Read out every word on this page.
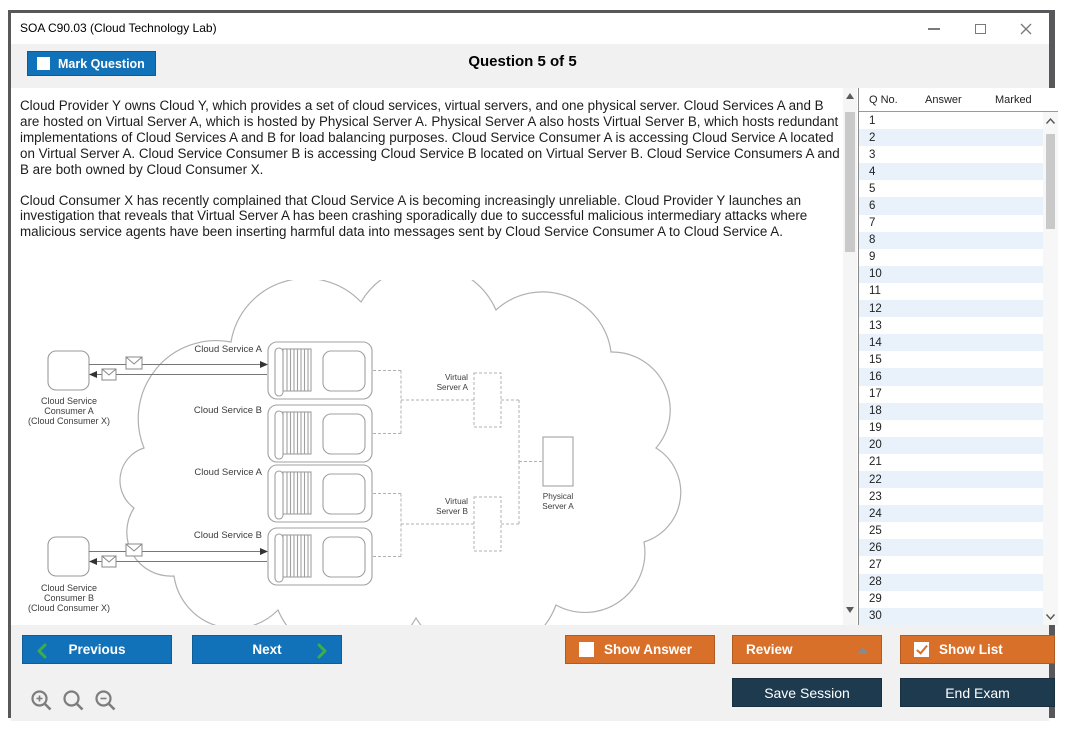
SOA C90.03 (Cloud Technology Lab)
Mark Question	Question 5 of 5

Cloud Provider Y owns Cloud Y, which provides a set of cloud services, virtual servers, and one physical server. Cloud Services A and B are hosted on Virtual Server A, which is hosted by Physical Server A. Physical Server A also hosts Virtual Server B, which hosts redundant implementations of Cloud Services A and B for load balancing purposes. Cloud Service Consumer A is accessing Cloud Service A located on Virtual Server A. Cloud Service Consumer B is accessing Cloud Service B located on Virtual Server B. Cloud Service Consumers A and B are both owned by Cloud Consumer X.

Cloud Consumer X has recently complained that Cloud Service A is becoming increasingly unreliable. Cloud Provider Y launches an investigation that reveals that Virtual Server A has been crashing sporadically due to successful malicious intermediary attacks where malicious service agents have been inserting harmful data into messages sent by Cloud Service Consumer A to Cloud Service A.

Cloud Service A
Cloud Service B
Cloud Service A
Cloud Service B
Cloud Service
Consumer A
(Cloud Consumer X)
Cloud Service
Consumer B
(Cloud Consumer X)
Virtual
Server A
Virtual
Server B
Physical
Server A
Q No. Answer	Marked
1
2
3
4
5
6
7
8
9
10
11
12
13
14
15
16
17
18
19
20
21
22
23
24
25
26
27
28
29
30
Previous	Next	Show Answer	Review	Show List
Save Session	End Exam
